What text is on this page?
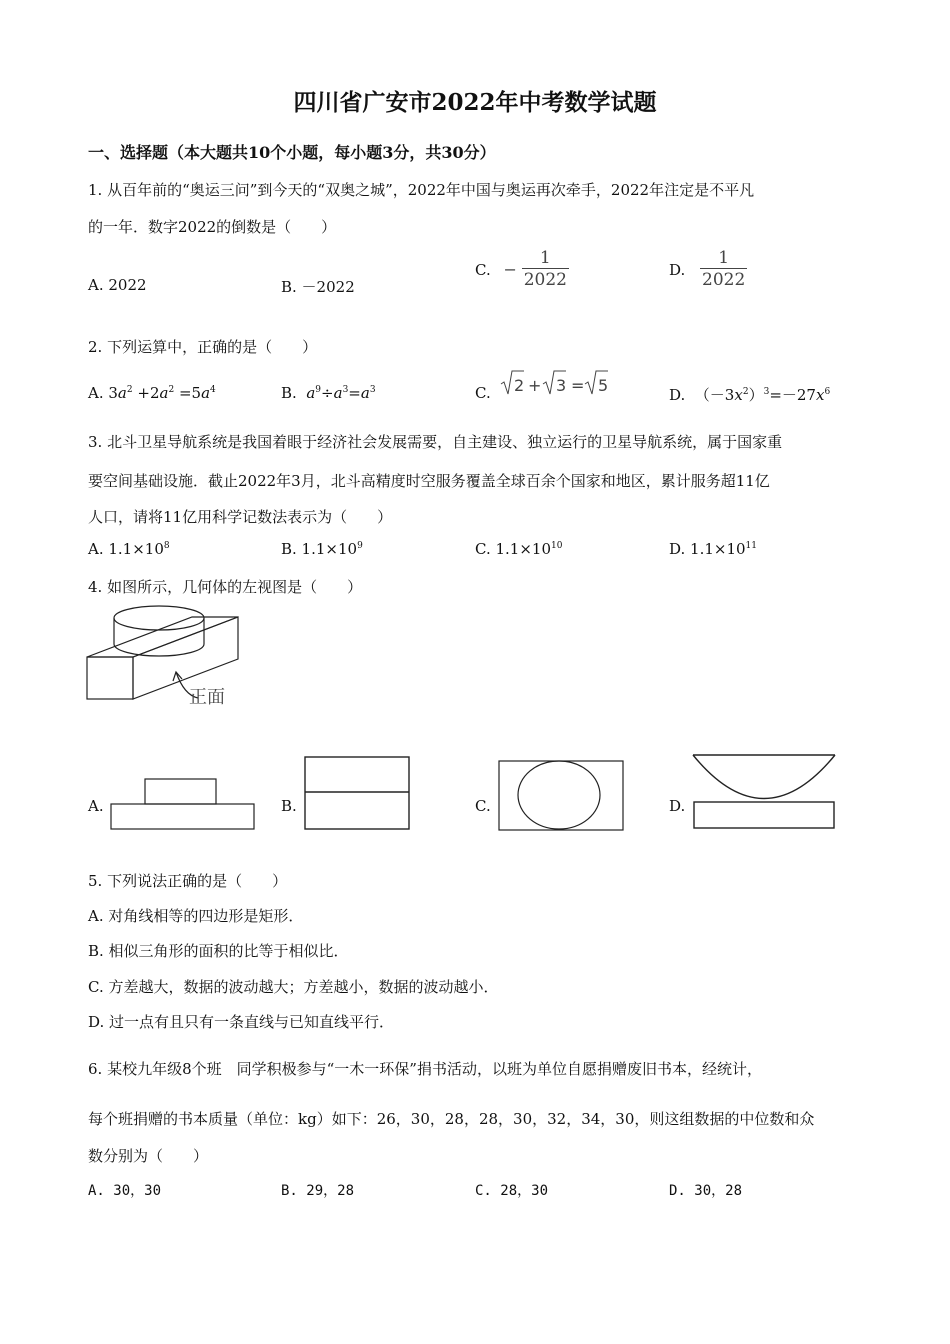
四川省广安市2022年中考数学试题
一、选择题（本大题共10个小题，每小题3分，共30分）
1. 从百年前的“奥运三问”到今天的“双奥之城”，2022年中国与奥运再次牵手，2022年注定是不平凡
的一年．数字2022的倒数是（　　）
A. 2022	B. －2022
C. − $\frac{1}{2022}$	D. $\frac{1}{2022}$
2. 下列运算中，正确的是（　　）
A. $3a^2 +2a^2 =5a^4$	B. $a^9\div a^3=a^3$	C. 2 + 3 = 5	D.  $(-3x^2)^3=-27x^6$
3. 北斗卫星导航系统是我国着眼于经济社会发展需要，自主建设、独立运行的卫星导航系统，属于国家重
要空间基础设施．截止2022年3月，北斗高精度时空服务覆盖全球百余个国家和地区，累计服务超11亿
人口，请将11亿用科学记数法表示为（　　）
A. $1.1\times 10^8$	B. $1.1\times 10^9$	C. $1.1\times 10^{10}$	D. $1.1\times 10^{11}$
4. 如图所示，几何体的左视图是（　　）
正面
A.	B.	C.	D.
5. 下列说法正确的是（　　）
A. 对角线相等的四边形是矩形．
B. 相似三角形的面积的比等于相似比．
C. 方差越大，数据的波动越大；方差越小，数据的波动越小．
D. 过一点有且只有一条直线与已知直线平行．
6. 某校九年级8个班　同学积极参与“一木一环保”捐书活动，以班为单位自愿捐赠废旧书本，经统计，
每个班捐赠的书本质量（单位：kg）如下：26，30，28，28，30，32，34，30，则这组数据的中位数和众
数分别为（　　）
A. 30，30	B. 29，28	C. 28，30	D. 30，28
